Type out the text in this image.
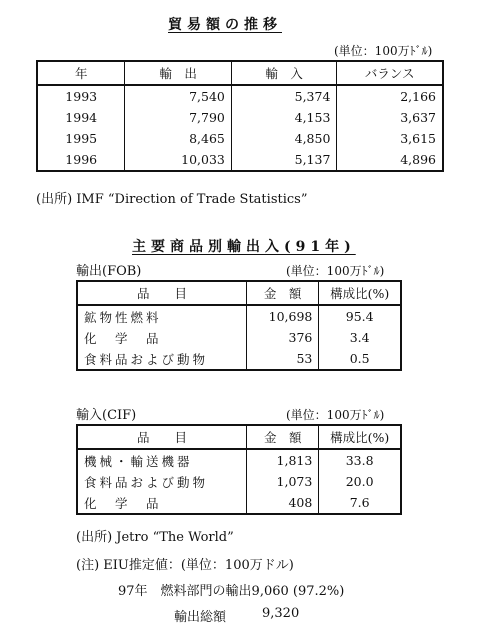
貿易額の推移
(単位：100万ﾄﾞﾙ)
年	輸　出	輸　入	バランス
1993	7,540	5,374	2,166
1994	7,790	4,153	3,637
1995	8,465	4,850	3,615
1996	10,033	5,137	4,896
(出所) IMF “Direction of Trade Statistics”
主要商品別輸出入(91年)
輸出(FOB)	(単位：100万ﾄﾞﾙ)
品　　目	金　額	構成比(%)
鉱物性燃料	10,698	95.4
化　学　品	376	3.4
食料品および動物	53	0.5
輸入(CIF)	(単位：100万ﾄﾞﾙ)
品　　目	金　額	構成比(%)
機械・輸送機器	1,813	33.8
食料品および動物	1,073	20.0
化　学　品	408	7.6
(出所) Jetro “The World”
(注) EIU推定値：(単位：100万ドル)
97年　燃料部門の輸出9,060 (97.2%)
輸出総額	9,320
